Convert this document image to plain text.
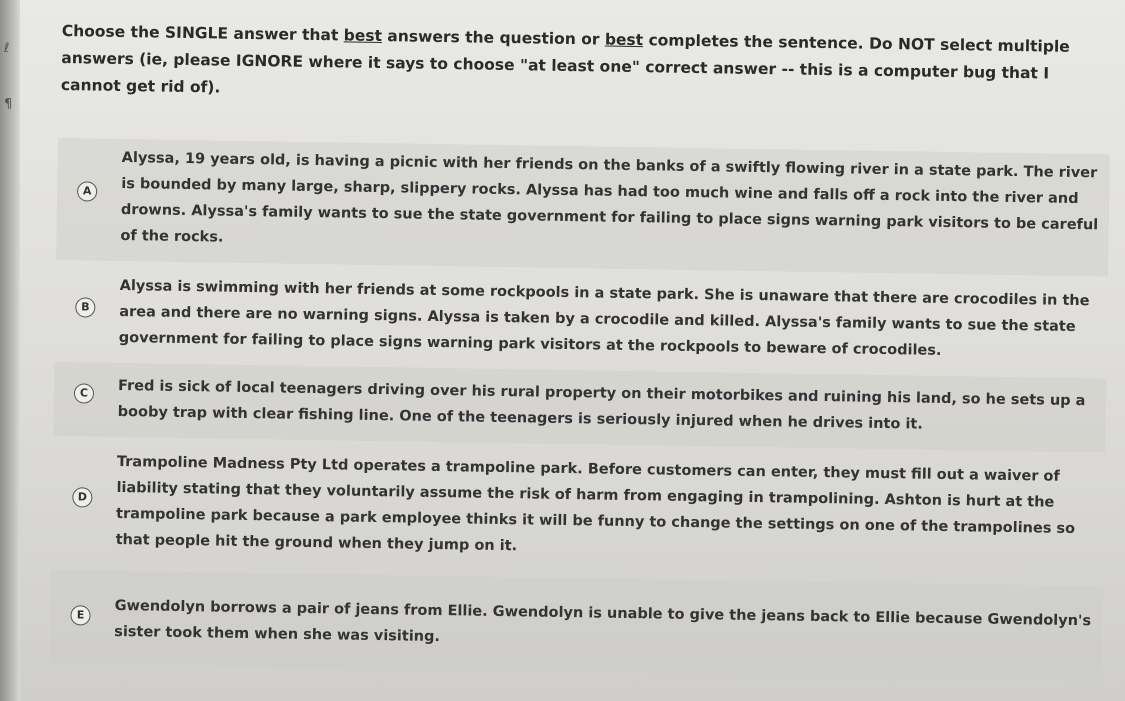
ℓ
¶
Choose the SINGLE answer that best answers the question or best completes the sentence. Do NOT select multiple answers (ie, please IGNORE where it says to choose "at least one" correct answer -- this is a computer bug that I cannot get rid of).
A
Alyssa, 19 years old, is having a picnic with her friends on the banks of a swiftly flowing river in a state park. The river is bounded by many large, sharp, slippery rocks. Alyssa has had too much wine and falls off a rock into the river and drowns. Alyssa's family wants to sue the state government for failing to place signs warning park visitors to be careful of the rocks.
B	Alyssa is swimming with her friends at some rockpools in a state park. She is unaware that there are crocodiles in the area and there are no warning signs. Alyssa is taken by a crocodile and killed. Alyssa's family wants to sue the state government for failing to place signs warning park visitors at the rockpools to beware of crocodiles.
C	Fred is sick of local teenagers driving over his rural property on their motorbikes and ruining his land, so he sets up a booby trap with clear fishing line. One of the teenagers is seriously injured when he drives into it.
D
Trampoline Madness Pty Ltd operates a trampoline park. Before customers can enter, they must fill out a waiver of liability stating that they voluntarily assume the risk of harm from engaging in trampolining. Ashton is hurt at the trampoline park because a park employee thinks it will be funny to change the settings on one of the trampolines so that people hit the ground when they jump on it.
E	Gwendolyn borrows a pair of jeans from Ellie. Gwendolyn is unable to give the jeans back to Ellie because Gwendolyn's sister took them when she was visiting.
